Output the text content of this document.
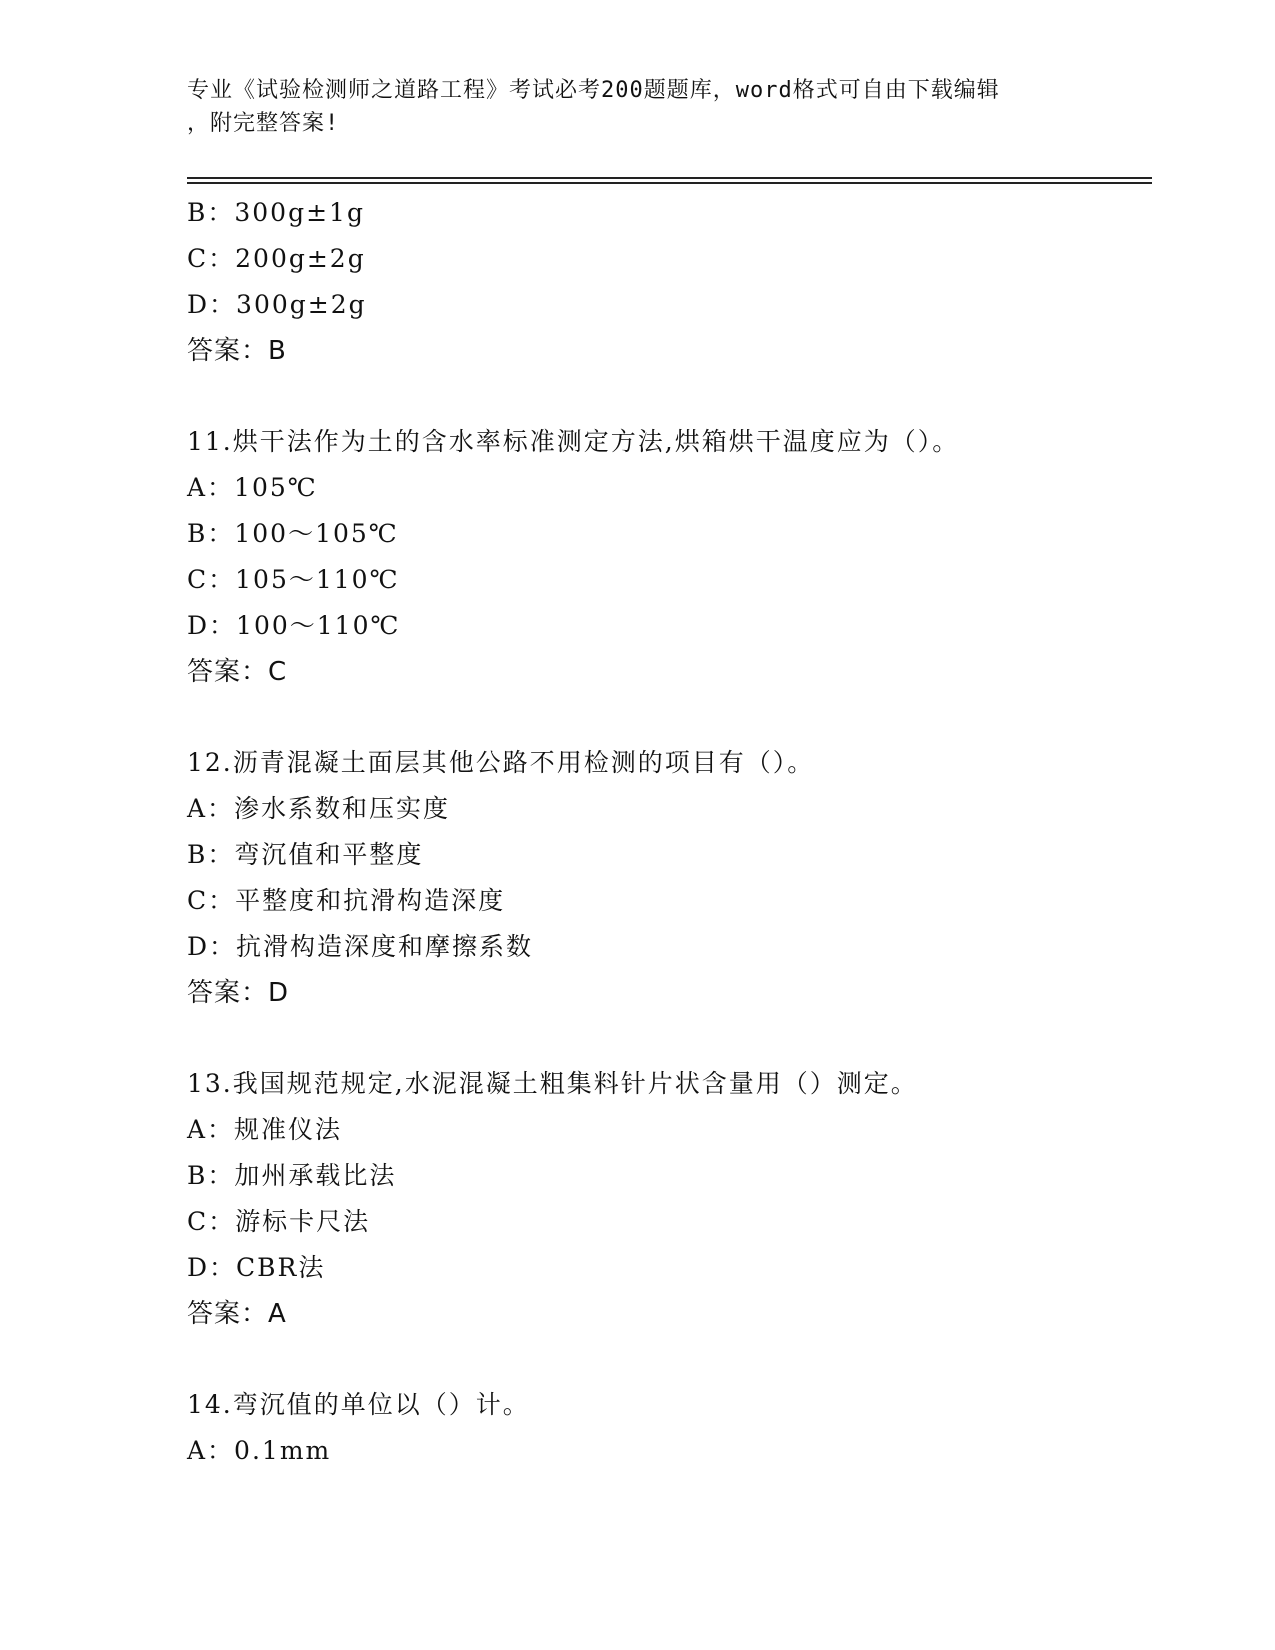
专业《试验检测师之道路工程》考试必考200题题库，word格式可自由下载编辑

，附完整答案!

B：300g±1g
C：200g±2g
D：300g±2g
答案：B
11.烘干法作为土的含水率标准测定方法,烘箱烘干温度应为（）。
A：105℃
B：100～105℃
C：105～110℃
D：100～110℃
答案：C
12.沥青混凝土面层其他公路不用检测的项目有（）。
A：渗水系数和压实度
B：弯沉值和平整度
C：平整度和抗滑构造深度
D：抗滑构造深度和摩擦系数
答案：D
13.我国规范规定,水泥混凝土粗集料针片状含量用（）测定。
A：规准仪法
B：加州承载比法
C：游标卡尺法
D：CBR法
答案：A
14.弯沉值的单位以（）计。
A：0.1mm
